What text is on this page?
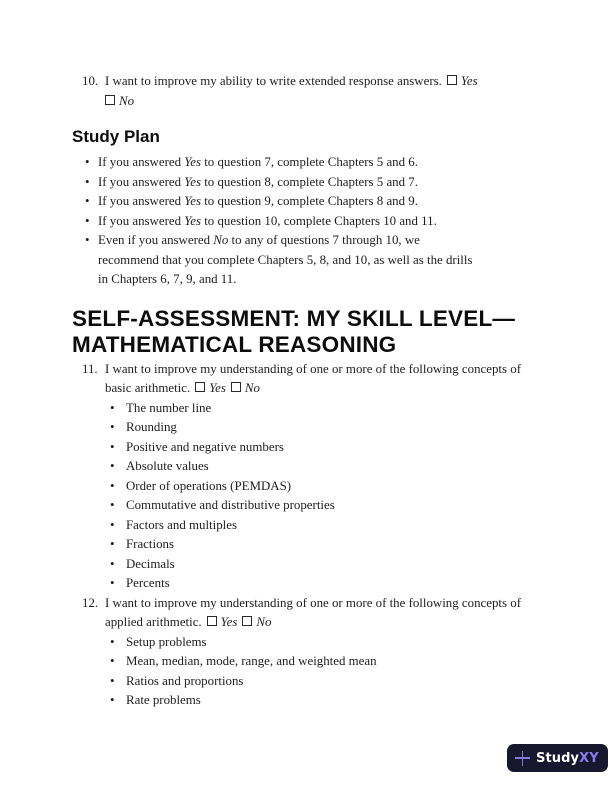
10. I want to improve my ability to write extended response answers. Yes
No
Study Plan
• If you answered Yes to question 7, complete Chapters 5 and 6.
• If you answered Yes to question 8, complete Chapters 5 and 7.
• If you answered Yes to question 9, complete Chapters 8 and 9.
• If you answered Yes to question 10, complete Chapters 10 and 11.
• Even if you answered No to any of questions 7 through 10, we
recommend that you complete Chapters 5, 8, and 10, as well as the drills
in Chapters 6, 7, 9, and 11.
SELF-ASSESSMENT: MY SKILL LEVEL—MATHEMATICAL REASONING
11. I want to improve my understanding of one or more of the following concepts of basic arithmetic. Yes No
• The number line
• Rounding
• Positive and negative numbers
• Absolute values
• Order of operations (PEMDAS)
• Commutative and distributive properties
• Factors and multiples
• Fractions
• Decimals
• Percents
12. I want to improve my understanding of one or more of the following concepts of applied arithmetic. Yes No
• Setup problems
• Mean, median, mode, range, and weighted mean
• Ratios and proportions
• Rate problems
StudyXY
